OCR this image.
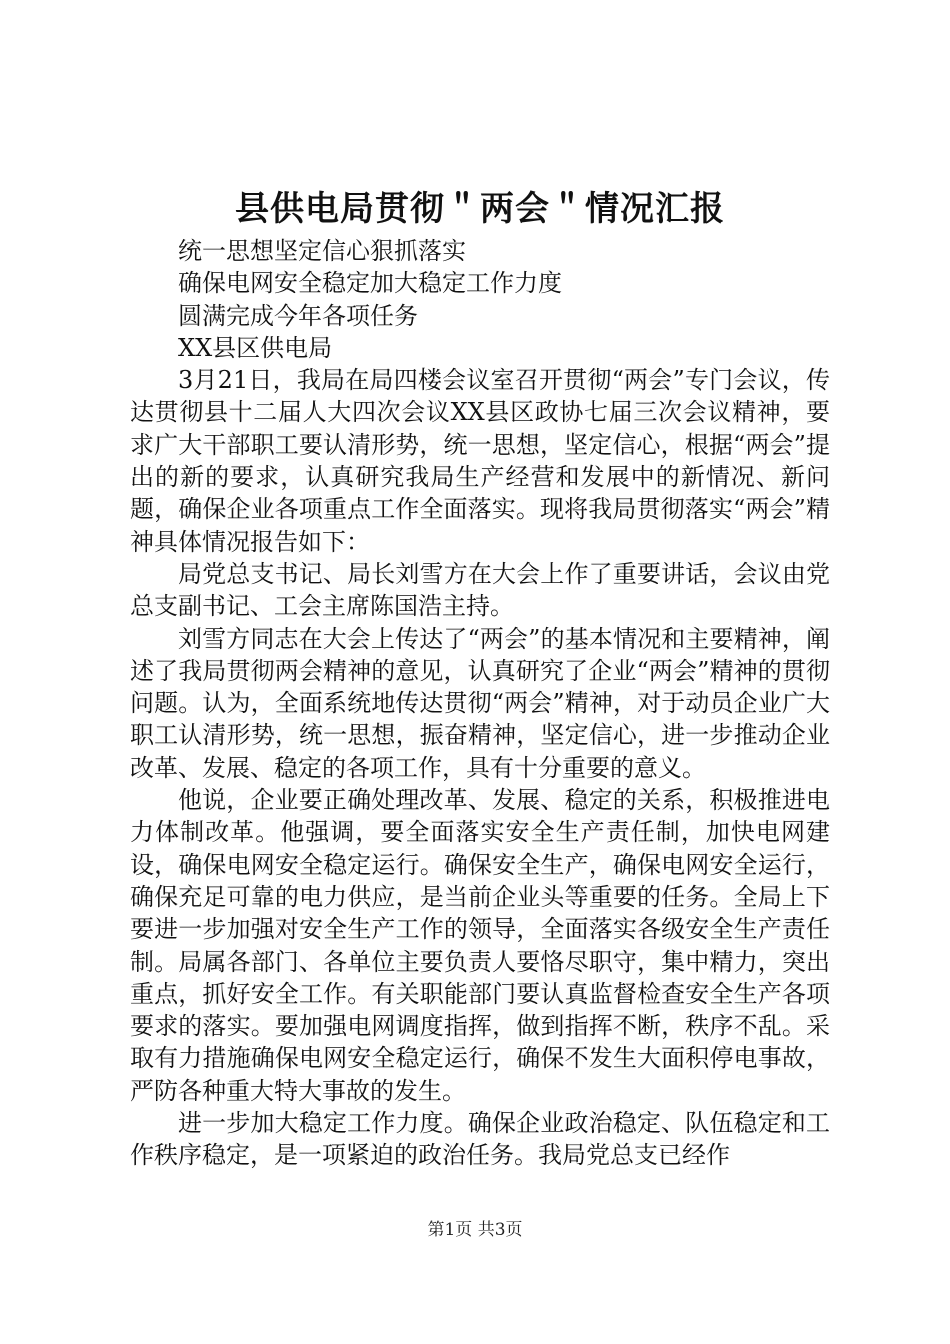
县供电局贯彻＂两会＂情况汇报

统一思想坚定信心狠抓落实

确保电网安全稳定加大稳定工作力度

圆满完成今年各项任务

XX县区供电局

3月21日，我局在局四楼会议室召开贯彻“两会”专门会议，传达贯彻县十二届人大四次会议XX县区政协七届三次会议精神，要求广大干部职工要认清形势，统一思想，坚定信心，根据“两会”提出的新的要求，认真研究我局生产经营和发展中的新情况、新问题，确保企业各项重点工作全面落实。现将我局贯彻落实“两会”精神具体情况报告如下：

局党总支书记、局长刘雪方在大会上作了重要讲话，会议由党总支副书记、工会主席陈国浩主持。

刘雪方同志在大会上传达了“两会”的基本情况和主要精神，阐述了我局贯彻两会精神的意见，认真研究了企业“两会”精神的贯彻问题。认为，全面系统地传达贯彻“两会”精神，对于动员企业广大职工认清形势，统一思想，振奋精神，坚定信心，进一步推动企业改革、发展、稳定的各项工作，具有十分重要的意义。

他说，企业要正确处理改革、发展、稳定的关系，积极推进电力体制改革。他强调，要全面落实安全生产责任制，加快电网建设，确保电网安全稳定运行。确保安全生产，确保电网安全运行，确保充足可靠的电力供应，是当前企业头等重要的任务。全局上下要进一步加强对安全生产工作的领导，全面落实各级安全生产责任制。局属各部门、各单位主要负责人要恪尽职守，集中精力，突出重点，抓好安全工作。有关职能部门要认真监督检查安全生产各项要求的落实。要加强电网调度指挥，做到指挥不断，秩序不乱。采取有力措施确保电网安全稳定运行，确保不发生大面积停电事故，严防各种重大特大事故的发生。

进一步加大稳定工作力度。确保企业政治稳定、队伍稳定和工作秩序稳定，是一项紧迫的政治任务。我局党总支已经作

第1页 共3页
